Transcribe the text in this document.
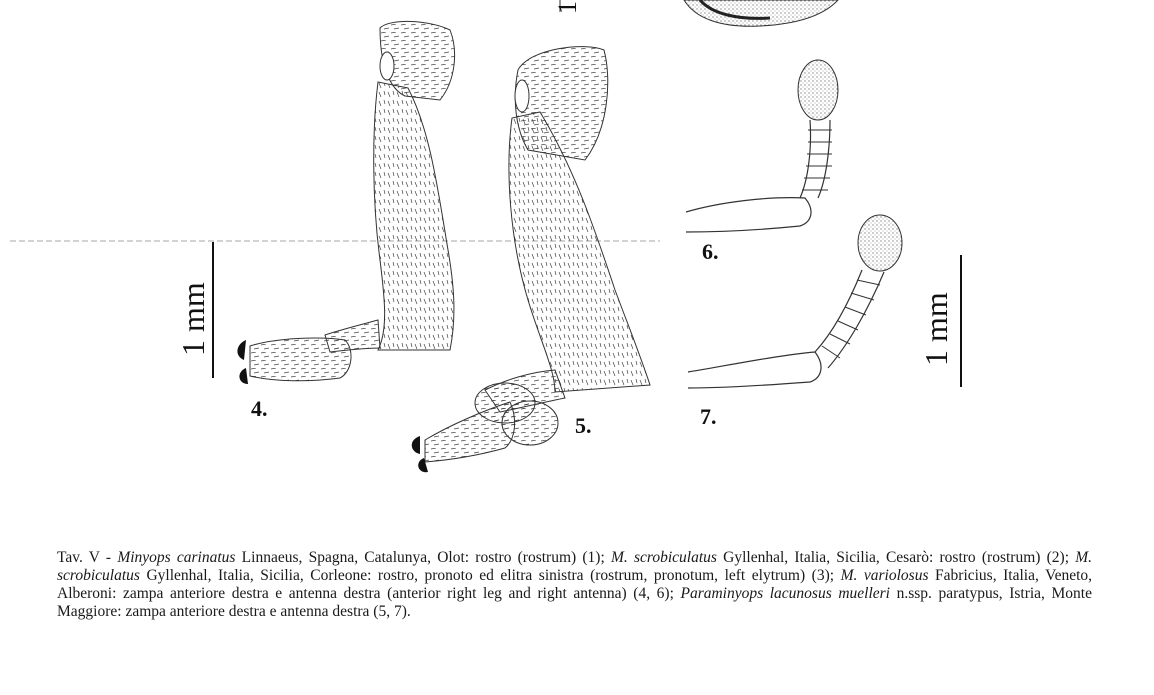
1
1 mm	1 mm
4.
5.
6.
7.
Tav. V - Minyops carinatus Linnaeus, Spagna, Catalunya, Olot: rostro (rostrum) (1); M. scrobiculatus Gyllenhal, Italia, Sicilia, Cesarò: rostro (rostrum) (2); M. scrobiculatus Gyllenhal, Italia, Sicilia, Corleone: rostro, pronoto ed elitra sinistra (rostrum, pronotum, left elytrum) (3); M. variolosus Fabricius, Italia, Veneto, Alberoni: zampa anteriore destra e antenna destra (anterior right leg and right antenna) (4, 6); Paraminyops lacunosus muelleri n.ssp. paratypus, Istria, Monte Maggiore: zampa anteriore destra e antenna destra (5, 7).
